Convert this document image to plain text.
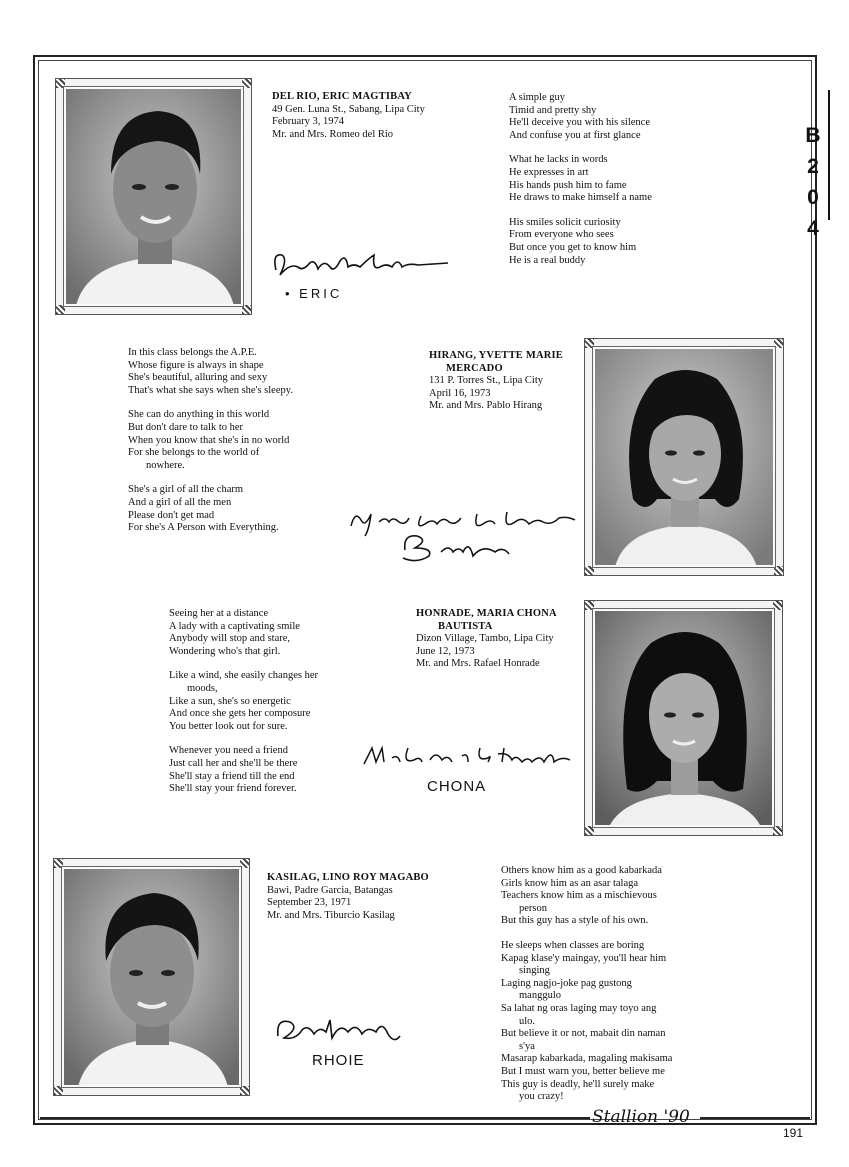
B
2
0
4
DEL RIO, ERIC MAGTIBAY
49 Gen. Luna St., Sabang, Lipa City
February 3, 1974
Mr. and Mrs. Romeo del Rio
• ERIC
A simple guy
Timid and pretty shy
He'll deceive you with his silence
And confuse you at first glance
What he lacks in words
He expresses in art
His hands push him to fame
He draws to make himself a name
His smiles solicit curiosity
From everyone who sees
But once you get to know him
He is a real buddy
In this class belongs the A.P.E.
Whose figure is always in shape
She's beautiful, alluring and sexy
That's what she says when she's sleepy.
She can do anything in this world
But don't dare to talk to her
When you know that she's in no world
For she belongs to the world of
nowhere.
She's a girl of all the charm
And a girl of all the men
Please don't get mad
For she's A Person with Everything.
HIRANG, YVETTE MARIE
MERCADO
131 P. Torres St., Lipa City
April 16, 1973
Mr. and Mrs. Pablo Hirang
Seeing her at a distance
A lady with a captivating smile
Anybody will stop and stare,
Wondering who's that girl.
Like a wind, she easily changes her
moods,
Like a sun, she's so energetic
And once she gets her composure
You better look out for sure.
Whenever you need a friend
Just call her and she'll be there
She'll stay a friend till the end
She'll stay your friend forever.
HONRADE, MARIA CHONA
BAUTISTA
Dizon Village, Tambo, Lipa City
June 12, 1973
Mr. and Mrs. Rafael Honrade
CHONA
KASILAG, LINO ROY MAGABO
Bawi, Padre Garcia, Batangas
September 23, 1971
Mr. and Mrs. Tiburcio Kasilag
RHOIE
Others know him as a good kabarkada
Girls know him as an asar talaga
Teachers know him as a mischievous
person
But this guy has a style of his own.
He sleeps when classes are boring
Kapag klase'y maingay, you'll hear him
singing
Laging nagjo-joke pag gustong
manggulo
Sa lahat ng oras laging may toyo ang
ulo.
But believe it or not, mabait din naman
s'ya
Masarap kabarkada, magaling makisama
But I must warn you, better believe me
This guy is deadly, he'll surely make
you crazy!
Stallion '90
191
